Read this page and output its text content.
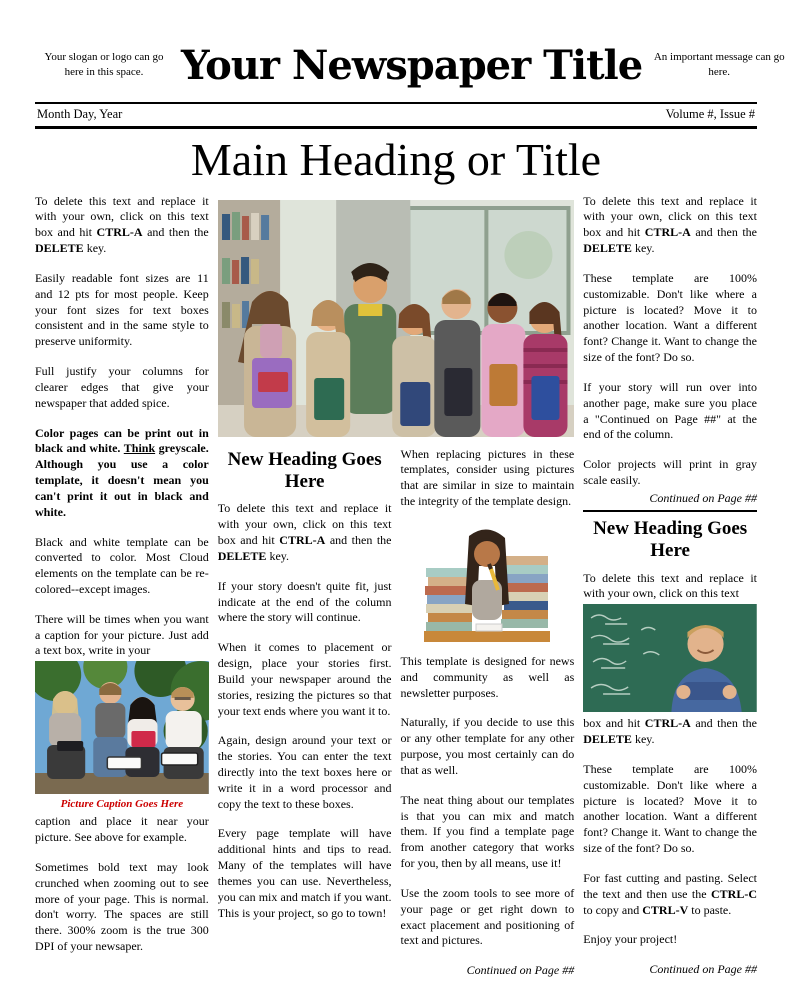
Your slogan or logo can go here in this space. Your Newspaper Title	An important message can go here.
Month Day, Year	Volume #, Issue #
Main Heading or Title

To delete this text and replace it with your own, click on this text box and hit CTRL-A and then the DELETE key.

Easily readable font sizes are 11 and 12 pts for most people. Keep your font sizes for text boxes consistent and in the same style to preserve uniformity.

Full justify your columns for clearer edges that give your newspaper that added spice.

Color pages can be print out in black and white. Think greyscale. Although you use a color template, it doesn't mean you can't print it out in black and white.

Black and white template can be converted to color. Most Cloud elements on the template can be re-colored--except images.

There will be times when you want a caption for your picture. Just add a text box, write in your

Picture Caption Goes Here

caption and place it near your picture. See above for example.

Sometimes bold text may look crunched when zooming out to see more of your page. This is normal. don't worry. The spaces are still there. 300% zoom is the true 300 DPI of your newsaper.

New Heading Goes Here

To delete this text and replace it with your own, click on this text box and hit CTRL-A and then the DELETE key.

If your story doesn't quite fit, just indicate at the end of the column where the story will continue.

When it comes to placement or design, place your stories first. Build your newspaper around the stories, resizing the pictures so that your text ends where you want it to.

Again, design around your text or the stories. You can enter the text directly into the text boxes here or write it in a word processor and copy the text to these boxes.

Every page template will have additional hints and tips to read. Many of the templates will have themes you can use. Nevertheless, you can mix and match if you want. This is your project, so go to town!

When replacing pictures in these templates, consider using pictures that are similar in size to maintain the integrity of the template design.

This template is designed for news and community as well as newsletter purposes.

Naturally, if you decide to use this or any other template for any other purpose, you most certainly can do that as well.

The neat thing about our templates is that you can mix and match them. If you find a template page from another category that works for you, then by all means, use it!

Use the zoom tools to see more of your page or get right down to exact placement and positioning of text and pictures.

Continued on Page ##

To delete this text and replace it with your own, click on this text box and hit CTRL-A and then the DELETE key.

These template are 100% customizable. Don't like where a picture is located? Move it to another location. Want a different font? Change it. Want to change the size of the font? Do so.

If your story will run over into another page, make sure you place a "Continued on Page ##" at the end of the column.

Color projects will print in gray scale easily.

Continued on Page ##
New Heading Goes Here

To delete this text and replace it with your own, click on this text

box and hit CTRL-A and then the DELETE key.

These template are 100% customizable. Don't like where a picture is located? Move it to another location. Want a different font? Change it. Want to change the size of the font? Do so.

For fast cutting and pasting. Select the text and then use the CTRL-C to copy and CTRL-V to paste.

Enjoy your project!

Continued on Page ##
